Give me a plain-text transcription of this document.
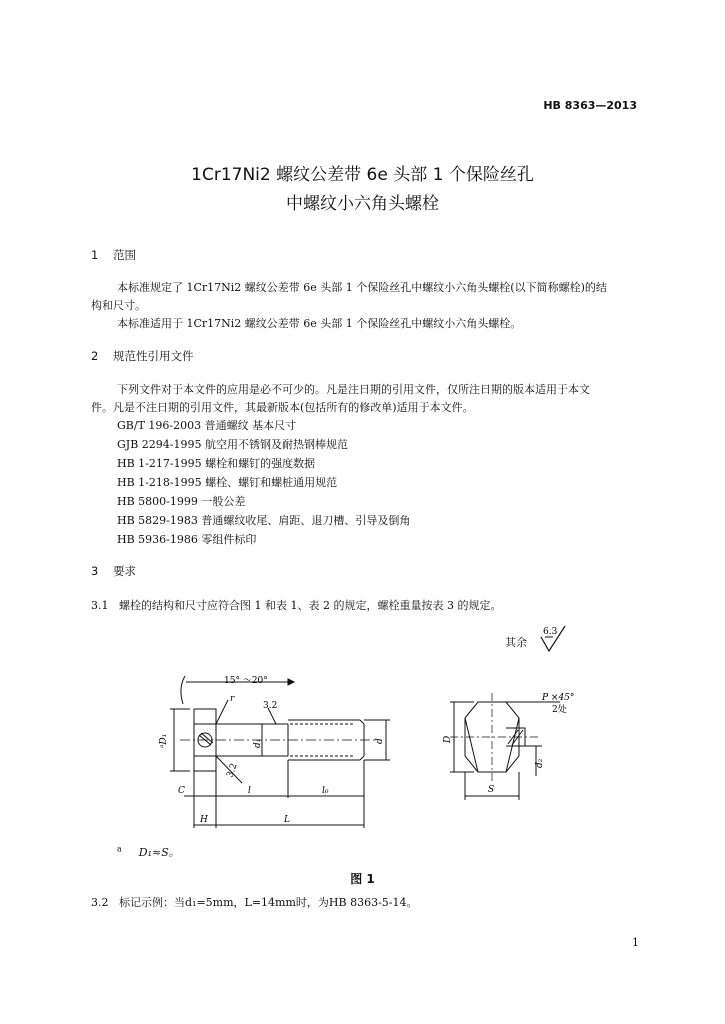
HB 8363—2013
1Cr17Ni2 螺纹公差带 6e 头部 1 个保险丝孔
中螺纹小六角头螺栓
1 范围
本标准规定了 1Cr17Ni2 螺纹公差带 6e 头部 1 个保险丝孔中螺纹小六角头螺栓(以下简称螺栓)的结
构和尺寸。
本标准适用于 1Cr17Ni2 螺纹公差带 6e 头部 1 个保险丝孔中螺纹小六角头螺栓。
2 规范性引用文件
下列文件对于本文件的应用是必不可少的。凡是注日期的引用文件，仅所注日期的版本适用于本文
件。凡是不注日期的引用文件，其最新版本(包括所有的修改单)适用于本文件。
GB/T 196-2003 普通螺纹 基本尺寸
GJB 2294-1995 航空用不锈钢及耐热钢棒规范
HB 1-217-1995 螺栓和螺钉的强度数据
HB 1-218-1995 螺栓、螺钉和螺桩通用规范
HB 5800-1999 一般公差
HB 5829-1983 普通螺纹收尾、肩距、退刀槽、引导及倒角
HB 5936-1986 零组件标印
3 要求
3.1 螺栓的结构和尺寸应符合图 1 和表 1、表 2 的规定，螺栓重量按表 3 的规定。
其余
6.3
15° ～20°
r
3.2
3.2
ᵃD₁	d₁	d
C	l	l₀
H	L
P ×45°
2处
D
d₂
S
$^a$ D₁≈S。
图 1
3.2 标记示例：当d₁=5mm，L=14mm时，为HB 8363-5-14。
1
